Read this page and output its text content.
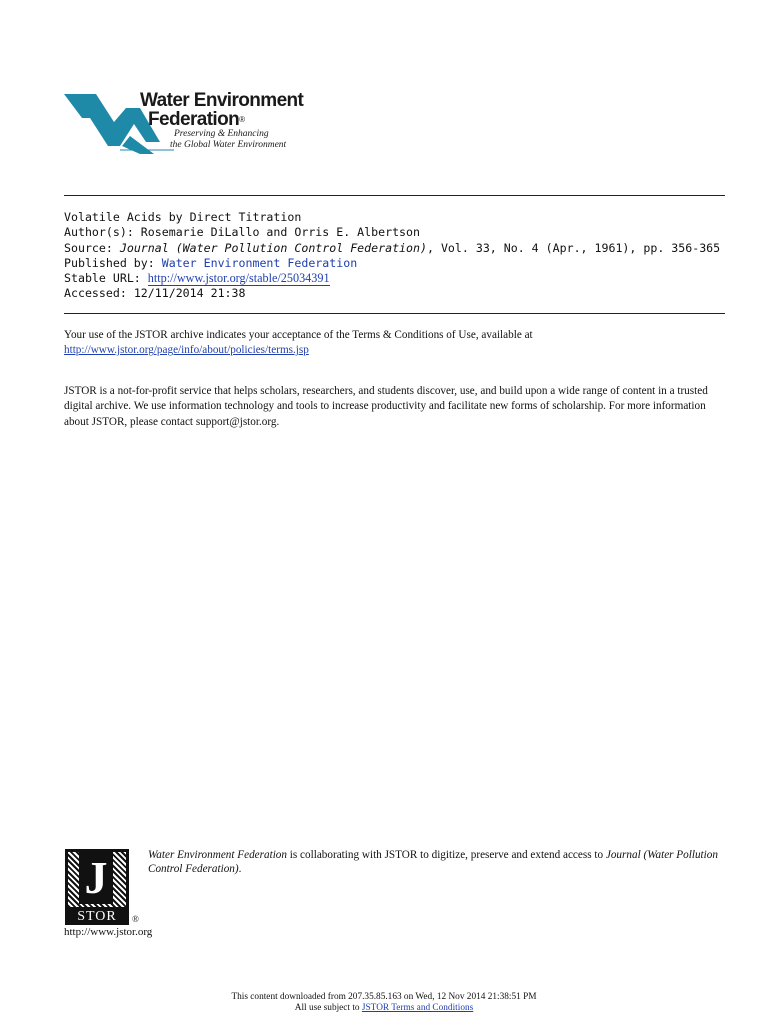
Water Environment
Federation®
Preserving & Enhancing
the Global Water Environment
Volatile Acids by Direct Titration
Author(s): Rosemarie DiLallo and Orris E. Albertson
Source: Journal (Water Pollution Control Federation), Vol. 33, No. 4 (Apr., 1961), pp. 356-365
Published by: Water Environment Federation
Stable URL: http://www.jstor.org/stable/25034391
Accessed: 12/11/2014 21:38
Your use of the JSTOR archive indicates your acceptance of the Terms & Conditions of Use, available at
http://www.jstor.org/page/info/about/policies/terms.jsp
JSTOR is a not-for-profit service that helps scholars, researchers, and students discover, use, and build upon a wide range of content in a trusted digital archive. We use information technology and tools to increase productivity and facilitate new forms of scholarship. For more information about JSTOR, please contact support@jstor.org.
J
STOR	®
Water Environment Federation is collaborating with JSTOR to digitize, preserve and extend access to Journal (Water Pollution Control Federation).
http://www.jstor.org
This content downloaded from 207.35.85.163 on Wed, 12 Nov 2014 21:38:51 PM
All use subject to JSTOR Terms and Conditions
